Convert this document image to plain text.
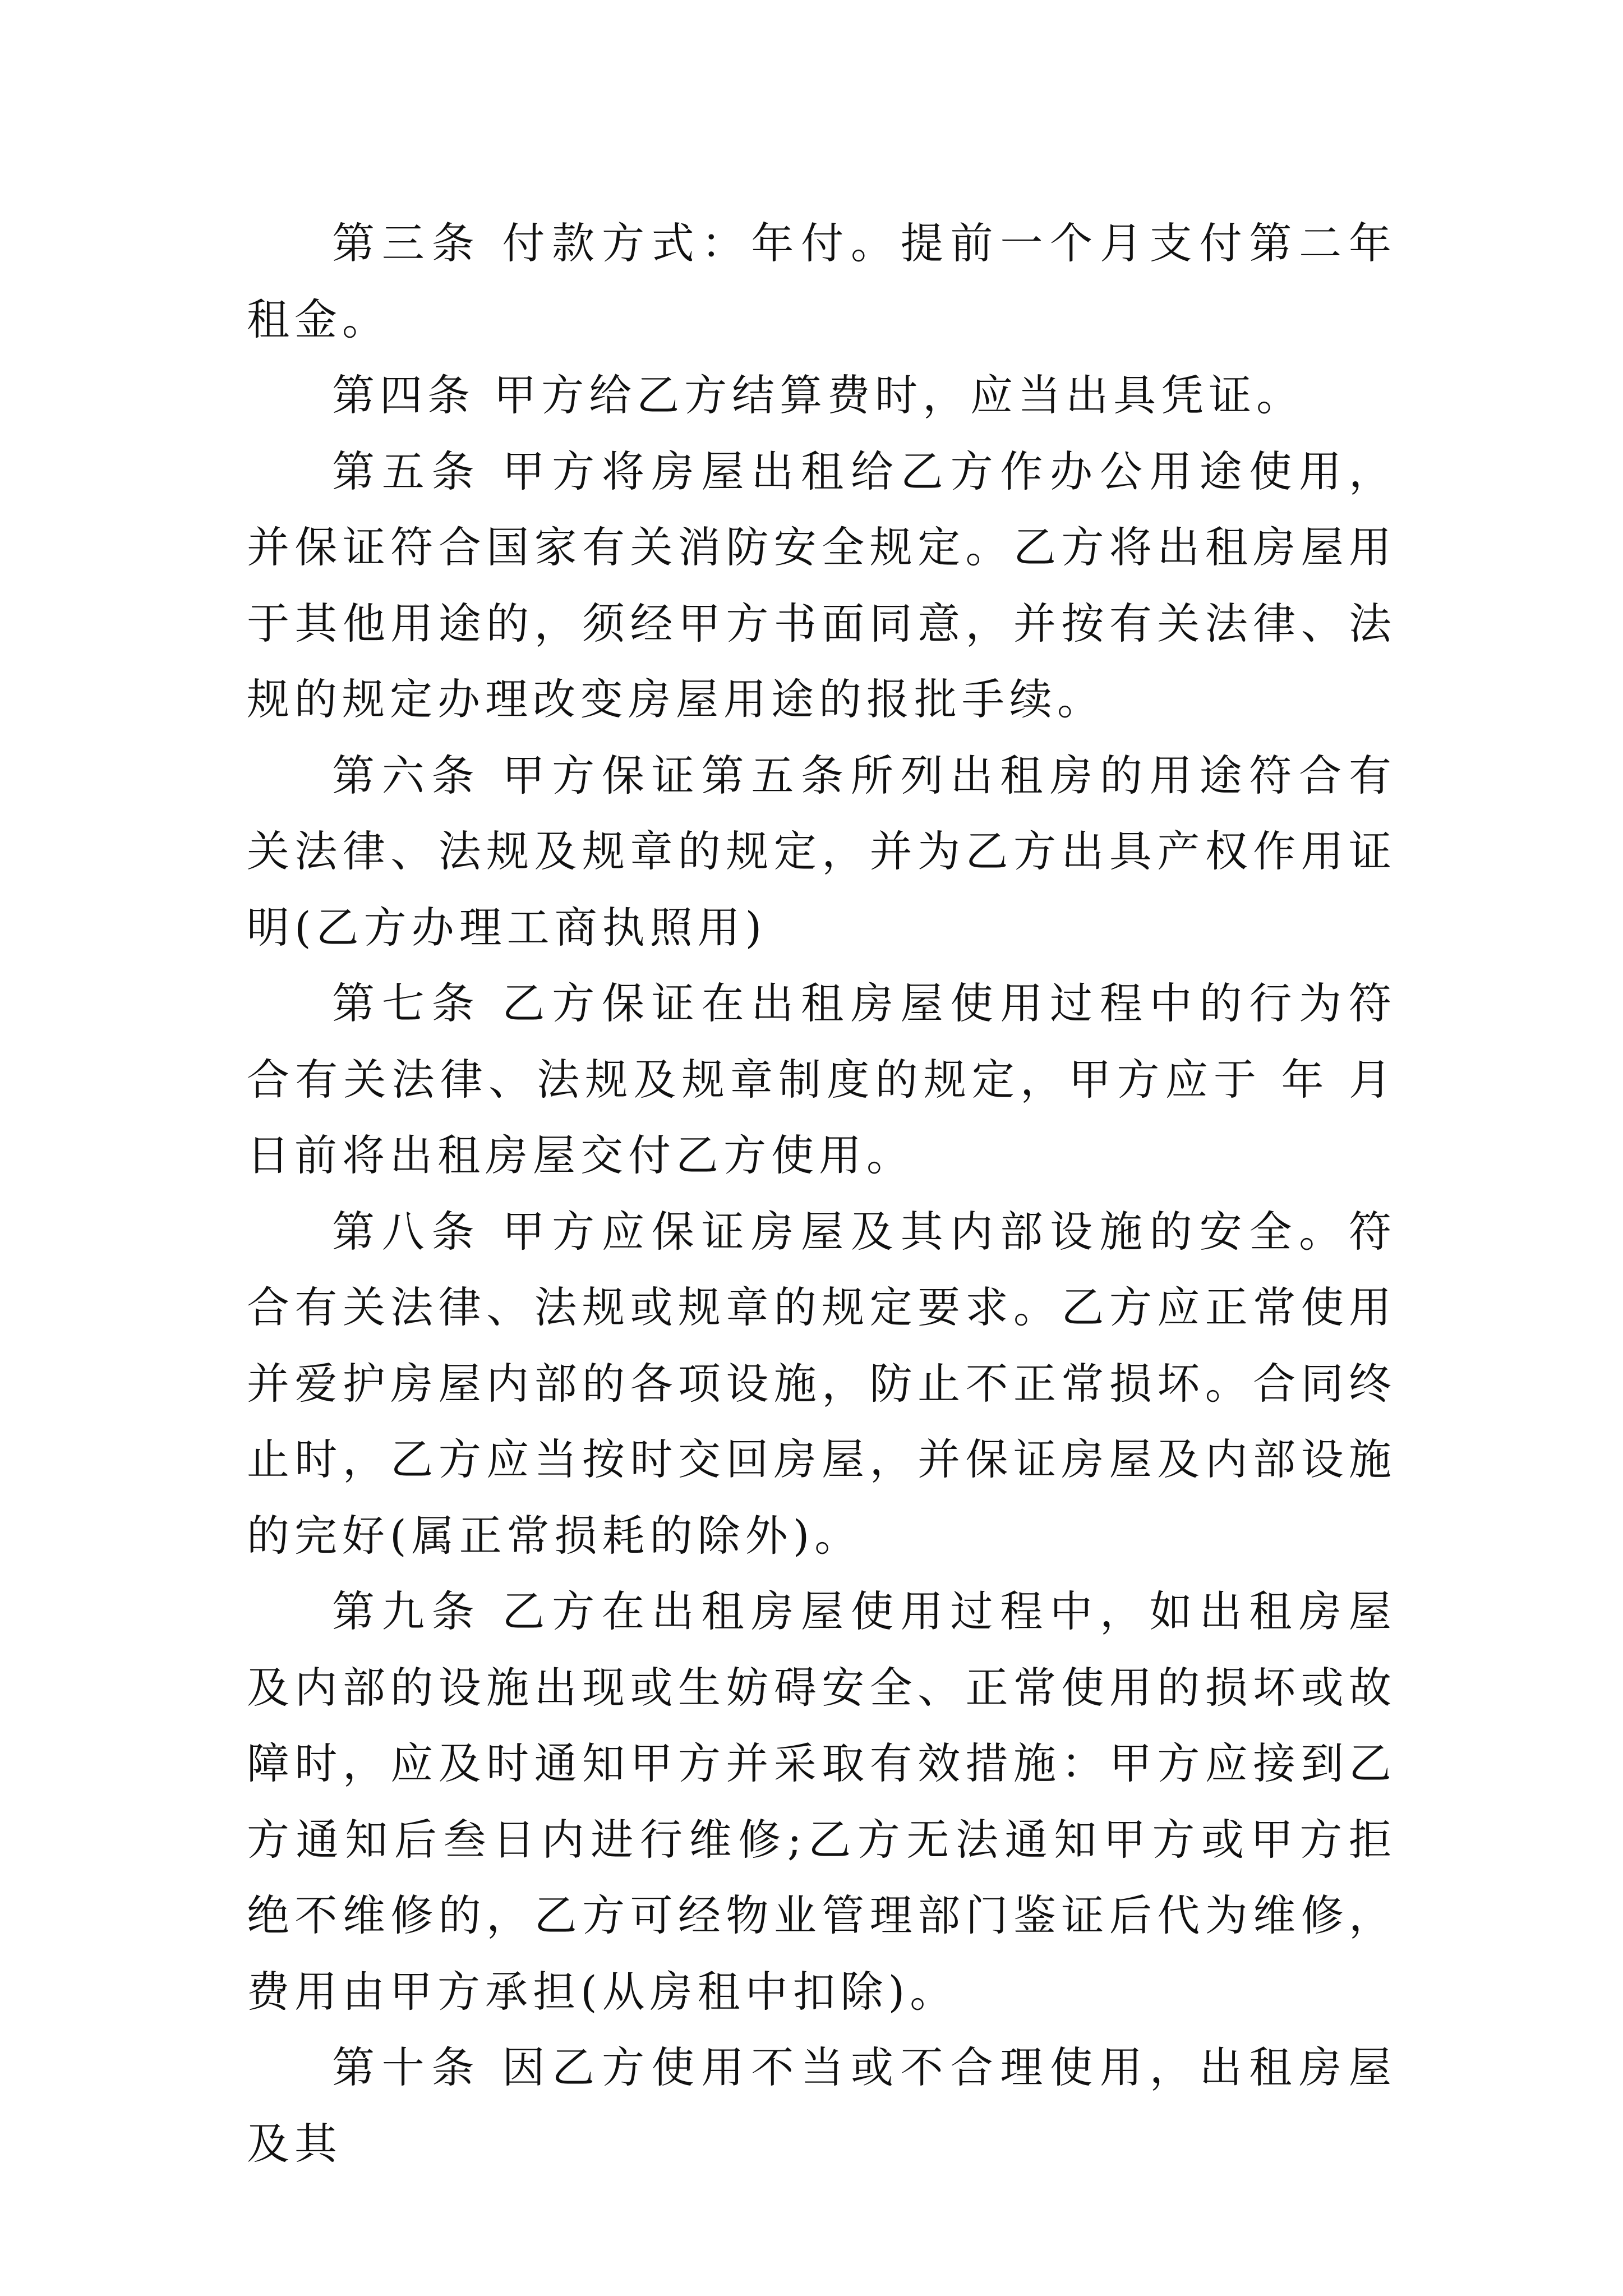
第三条 付款方式：年付。提前一个月支付第二年租金。

第四条 甲方给乙方结算费时，应当出具凭证。

第五条 甲方将房屋出租给乙方作办公用途使用，并保证符合国家有关消防安全规定。乙方将出租房屋用于其他用途的，须经甲方书面同意，并按有关法律、法规的规定办理改变房屋用途的报批手续。

第六条 甲方保证第五条所列出租房的用途符合有关法律、法规及规章的规定，并为乙方出具产权作用证明(乙方办理工商执照用)

第七条 乙方保证在出租房屋使用过程中的行为符合有关法律、法规及规章制度的规定，甲方应于 年 月 日前将出租房屋交付乙方使用。

第八条 甲方应保证房屋及其内部设施的安全。符合有关法律、法规或规章的规定要求。乙方应正常使用并爱护房屋内部的各项设施，防止不正常损坏。合同终止时，乙方应当按时交回房屋，并保证房屋及内部设施的完好(属正常损耗的除外)。

第九条 乙方在出租房屋使用过程中，如出租房屋及内部的设施出现或生妨碍安全、正常使用的损坏或故障时，应及时通知甲方并采取有效措施：甲方应接到乙方通知后叁日内进行维修;乙方无法通知甲方或甲方拒绝不维修的，乙方可经物业管理部门鉴证后代为维修，费用由甲方承担(从房租中扣除)。

第十条 因乙方使用不当或不合理使用，出租房屋及其
